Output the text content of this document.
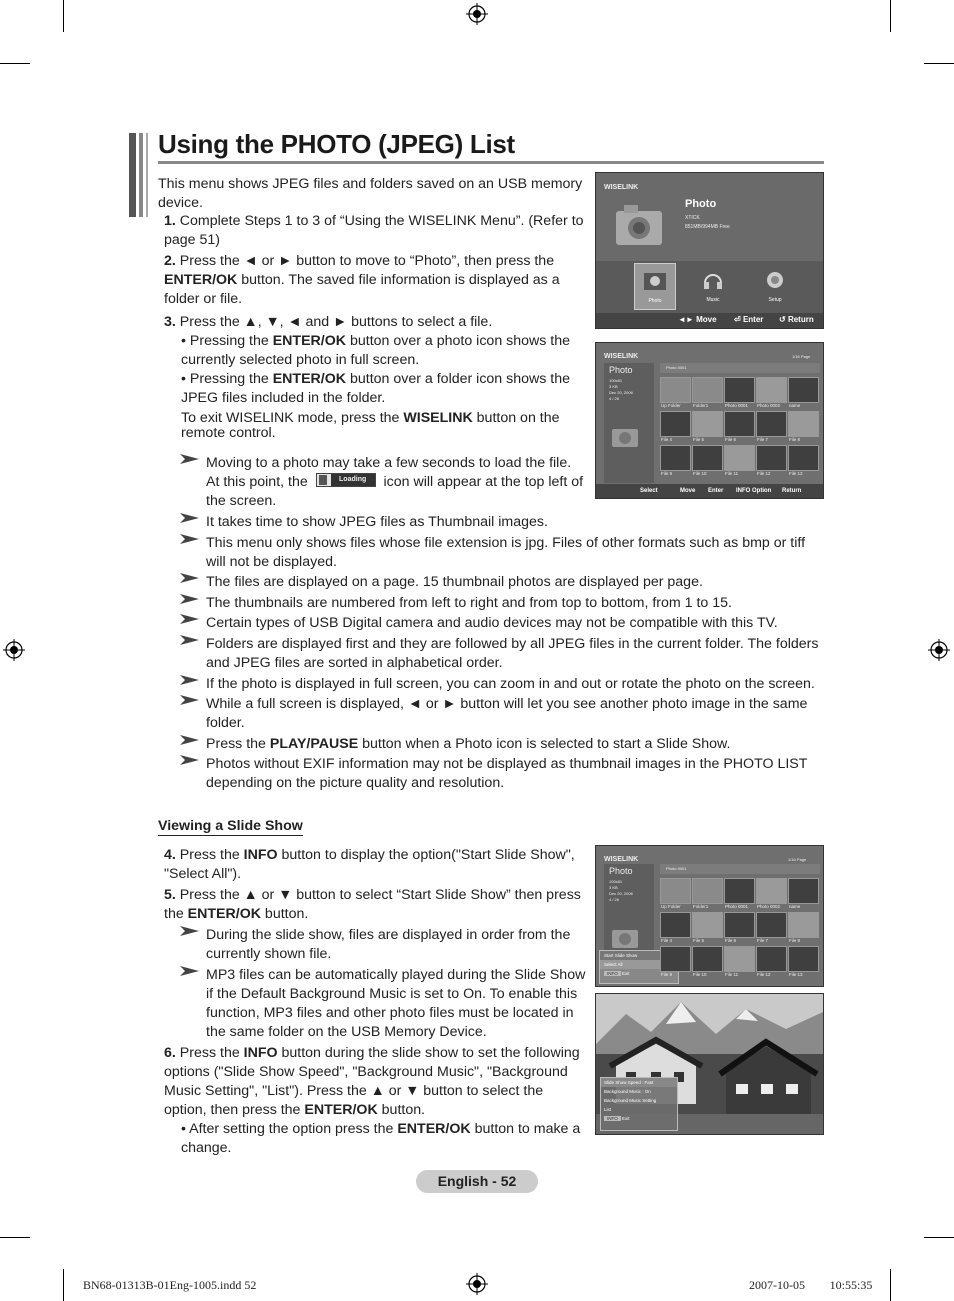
Using the PHOTO (JPEG) List
This menu shows JPEG files and folders saved on an USB memory device.
1. Complete Steps 1 to 3 of “Using the WISELINK Menu”. (Refer to page 51)
2. Press the ◄ or ► button to move to “Photo”, then press the ENTER/OK button. The saved file information is displayed as a folder or file.
3. Press the ▲, ▼, ◄ and ► buttons to select a file.
• Pressing the ENTER/OK button over a photo icon shows the currently selected photo in full screen.
• Pressing the ENTER/OK button over a folder icon shows the JPEG files included in the folder.
To exit WISELINK mode, press the WISELINK button on the remote control.
Moving to a photo may take a few seconds to load the file.
At this point, the	Loading	icon will appear at the top left of
the screen.
It takes time to show JPEG files as Thumbnail images.
This menu only shows files whose file extension is jpg. Files of other formats such as bmp or tiff will not be displayed.
The files are displayed on a page. 15 thumbnail photos are displayed per page.
The thumbnails are numbered from left to right and from top to bottom, from 1 to 15.
Certain types of USB Digital camera and audio devices may not be compatible with this TV.
Folders are displayed first and they are followed by all JPEG files in the current folder. The folders and JPEG files are sorted in alphabetical order.
If the photo is displayed in full screen, you can zoom in and out or rotate the photo on the screen.
While a full screen is displayed, ◄ or ► button will let you see another photo image in the same folder.
Press the PLAY/PAUSE button when a Photo icon is selected to start a Slide Show.
Photos without EXIF information may not be displayed as thumbnail images in the PHOTO LIST depending on the picture quality and resolution.
Viewing a Slide Show
4. Press the INFO button to display the option("Start Slide Show", "Select All").
5. Press the ▲ or ▼ button to select “Start Slide Show” then press the ENTER/OK button.
During the slide show, files are displayed in order from the currently shown file.
MP3 files can be automatically played during the Slide Show if the Default Background Music is set to On. To enable this function, MP3 files and other photo files must be located in the same folder on the USB Memory Device.
6. Press the INFO button during the slide show to set the following options ("Slide Show Speed", "Background Music", "Background Music Setting", "List"). Press the ▲ or ▼ button to select the option, then press the ENTER/OK button.
• After setting the option press the ENTER/OK button to make a change.
WISELINK
Photo
XTICK
851MB/994MB Free
Photo	Music	Setup
◄► Move ⏎ Enter ↺ Return
WISELINK	1/16 Page
Photo
100x81
3 KB
Dec 20, 2006
4 / 26
Photo 0001
Up Folder	Folder1	Photo 0001 Photo 0002 name
File 4	File 5	File 6	File 7	File 8
File 9	File 10	File 11	File 12	File 13
Select	Move Enter INFO Option Return
WISELINK	1/16 Page
Photo
100x81
3 KB
Dec 20, 2006
4 / 26
Photo 0001
Start Slide Show
Select All
INFO Exit
Up Folder	Folder1	Photo 0001 Photo 0002 name
File 4	File 5	File 6	File 7	File 8
File 9	File 10	File 11	File 12	File 13
Slide Show Speed : Fast
Background Music : On
Background Music Setting
List
INFO Exit
English - 52
BN68-01313B-01Eng-1005.indd 52	2007-10-05 ￿￿ 10:55:35
